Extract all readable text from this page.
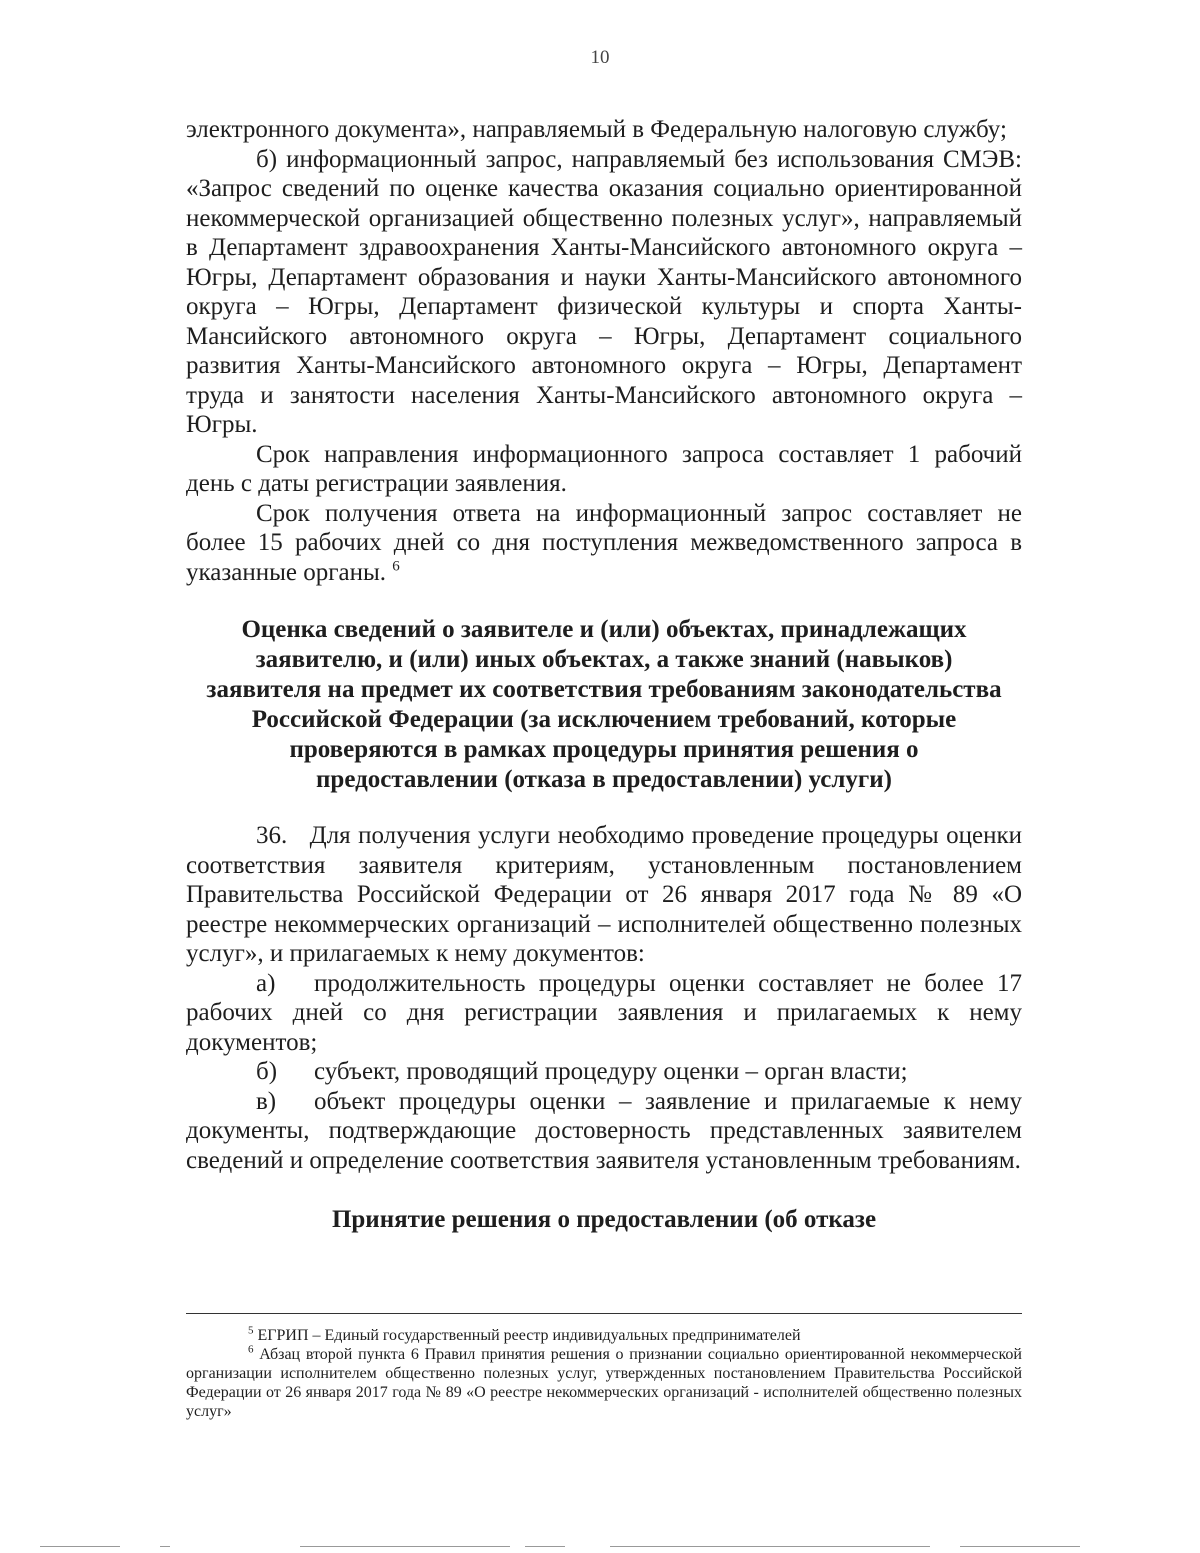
10

электронного документа», направляемый в Федеральную налоговую службу;

б) информационный запрос, направляемый без использования СМЭВ: «Запрос сведений по оценке качества оказания социально ориентированной некоммерческой организацией общественно полезных услуг», направляемый в Департамент здравоохранения Ханты-Мансийского автономного округа – Югры, Департамент образования и науки Ханты-Мансийского автономного округа – Югры, Департамент физической культуры и спорта Ханты-Мансийского автономного округа – Югры, Департамент социального развития Ханты-Мансийского автономного округа – Югры, Департамент труда и занятости населения Ханты-Мансийского автономного округа – Югры.

Срок направления информационного запроса составляет 1 рабочий день с даты регистрации заявления.

Срок получения ответа на информационный запрос составляет не более 15 рабочих дней со дня поступления межведомственного запроса в указанные органы. $^6$

Оценка сведений о заявителе и (или) объектах, принадлежащих заявителю, и (или) иных объектах, а также знаний (навыков) заявителя на предмет их соответствия требованиям законодательства Российской Федерации (за исключением требований, которые проверяются в рамках процедуры принятия решения о предоставлении (отказа в предоставлении) услуги)

36. Для получения услуги необходимо проведение процедуры оценки соответствия заявителя критериям, установленным постановлением Правительства Российской Федерации от 26 января 2017 года № 89 «О реестре некоммерческих организаций – исполнителей общественно полезных услуг», и прилагаемых к нему документов:

а) продолжительность процедуры оценки составляет не более 17 рабочих дней со дня регистрации заявления и прилагаемых к нему документов;

б) субъект, проводящий процедуру оценки – орган власти;

в) объект процедуры оценки – заявление и прилагаемые к нему документы, подтверждающие достоверность представленных заявителем сведений и определение соответствия заявителя установленным требованиям.

Принятие решения о предоставлении (об отказе

$^5$ ЕГРИП – Единый государственный реестр индивидуальных предпринимателей

$^6$ Абзац второй пункта 6 Правил принятия решения о признании социально ориентированной некоммерческой организации исполнителем общественно полезных услуг, утвержденных постановлением Правительства Российской Федерации от 26 января 2017 года № 89 «О реестре некоммерческих организаций - исполнителей общественно полезных услуг»
